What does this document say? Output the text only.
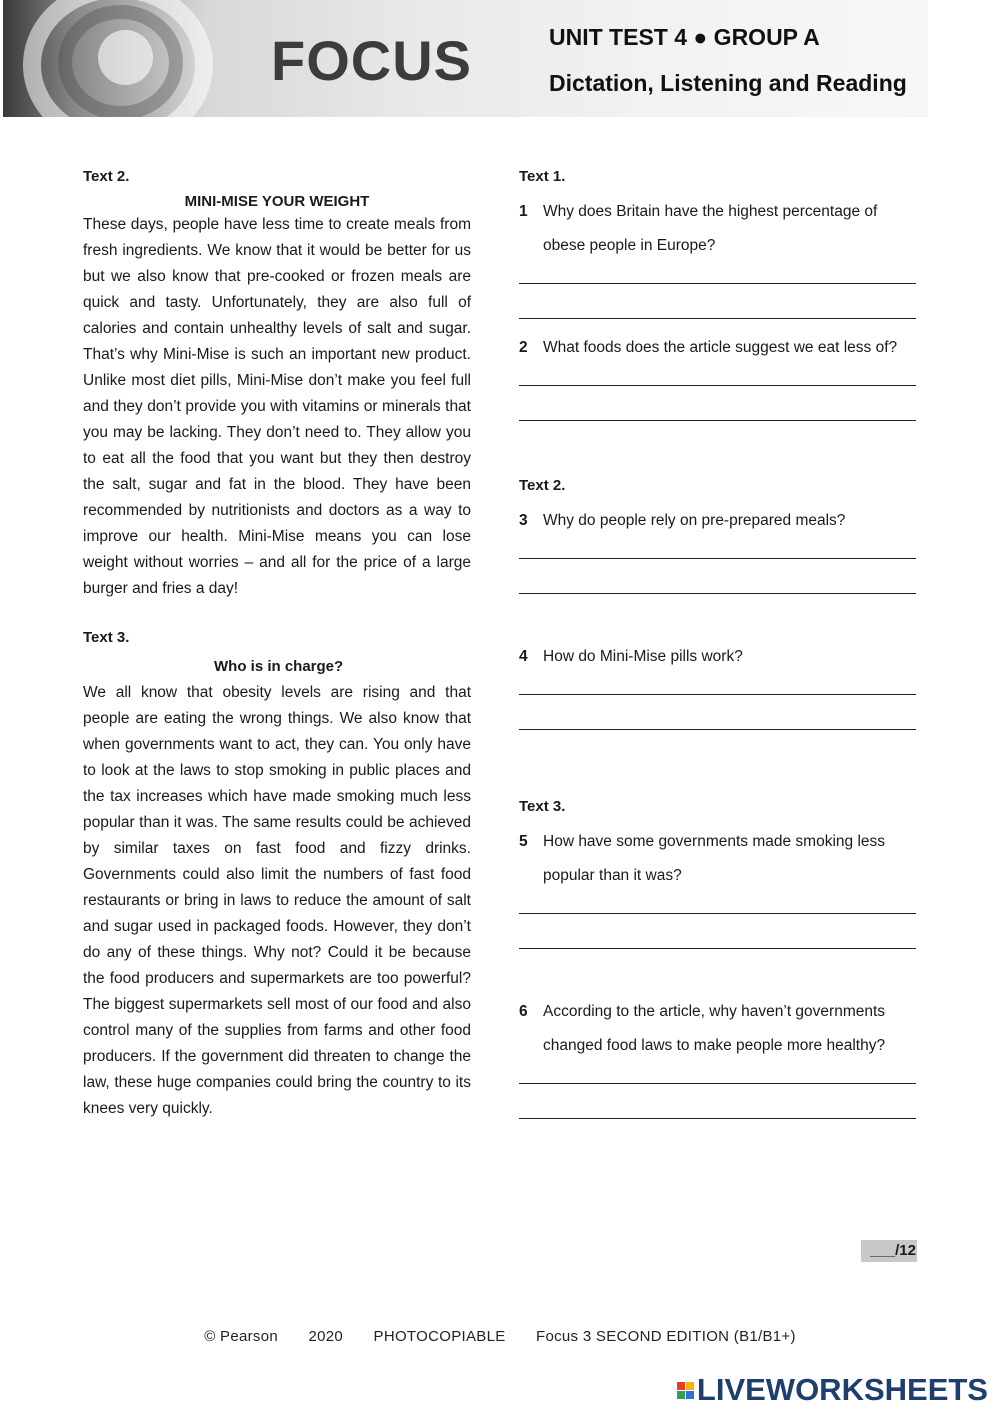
FOCUS	UNIT TEST 4 ● GROUP A
Dictation, Listening and Reading
Text 2.
MINI-MISE YOUR WEIGHT

These days, people have less time to create meals from fresh ingredients. We know that it would be better for us but we also know that pre-cooked or frozen meals are quick and tasty. Unfortunately, they are also full of calories and contain unhealthy levels of salt and sugar. That’s why Mini-Mise is such an important new product. Unlike most diet pills, Mini-Mise don’t make you feel full and they don’t provide you with vitamins or minerals that you may be lacking. They don’t need to. They allow you to eat all the food that you want but they then destroy the salt, sugar and fat in the blood. They have been recommended by nutritionists and doctors as a way to improve our health. Mini-Mise means you can lose weight without worries – and all for the price of a large burger and fries a day!

Text 3.
Who is in charge?

We all know that obesity levels are rising and that people are eating the wrong things. We also know that when governments want to act, they can. You only have to look at the laws to stop smoking in public places and the tax increases which have made smoking much less popular than it was. The same results could be achieved by similar taxes on fast food and fizzy drinks. Governments could also limit the numbers of fast food restaurants or bring in laws to reduce the amount of salt and sugar used in packaged foods. However, they don’t do any of these things. Why not? Could it be because the food producers and supermarkets are too powerful? The biggest supermarkets sell most of our food and also control many of the supplies from farms and other food producers. If the government did threaten to change the law, these huge companies could bring the country to its knees very quickly.

Text 1.
1 Why does Britain have the highest percentage of obese people in Europe?
2 What foods does the article suggest we eat less of?
Text 2.
3 Why do people rely on pre-prepared meals?
4 How do Mini-Mise pills work?
Text 3.
5 How have some governments made smoking less popular than it was?
6 According to the article, why haven’t governments changed food laws to make people more healthy?
___/12
© Pearson 2020 PHOTOCOPIABLE Focus 3 SECOND EDITION (B1/B1+)
LIVEWORKSHEETS
